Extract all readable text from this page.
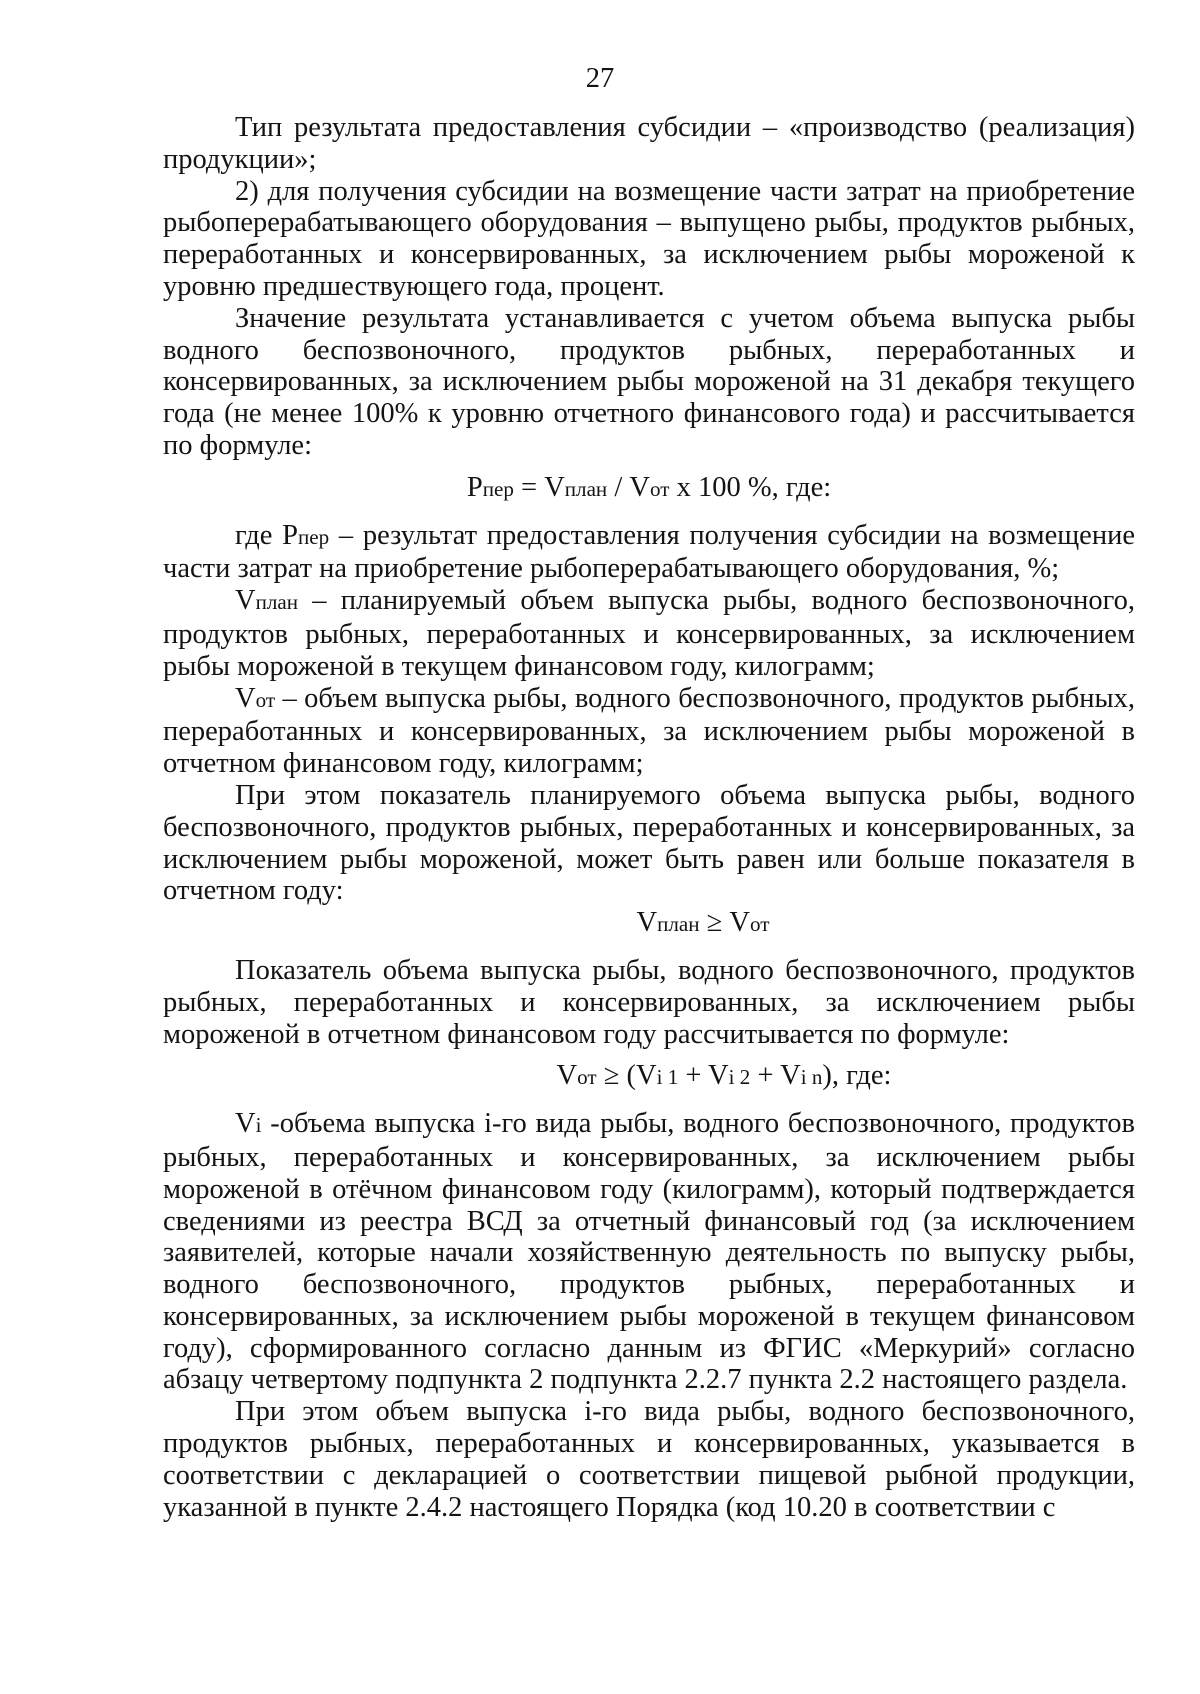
27

Тип результата предоставления субсидии – «производство (реализация) продукции»;

2) для получения субсидии на возмещение части затрат на приобретение рыбоперерабатывающего оборудования – выпущено рыбы, продуктов рыбных, переработанных и консервированных, за исключением рыбы мороженой к уровню предшествующего года, процент.

Значение результата устанавливается с учетом объема выпуска рыбы водного беспозвоночного, продуктов рыбных, переработанных и консервированных, за исключением рыбы мороженой на 31 декабря текущего года (не менее 100% к уровню отчетного финансового года) и рассчитывается по формуле:

Pпер = Vплан / Vот x 100 %, где:

где Pпер – результат предоставления получения субсидии на возмещение части затрат на приобретение рыбоперерабатывающего оборудования, %;

Vплан – планируемый объем выпуска рыбы, водного беспозвоночного, продуктов рыбных, переработанных и консервированных, за исключением рыбы мороженой в текущем финансовом году, килограмм;

Vот – объем выпуска рыбы, водного беспозвоночного, продуктов рыбных, переработанных и консервированных, за исключением рыбы мороженой в отчетном финансовом году, килограмм;

При этом показатель планируемого объема выпуска рыбы, водного беспозвоночного, продуктов рыбных, переработанных и консервированных, за исключением рыбы мороженой, может быть равен или больше показателя в отчетном году:

Vплан ≥ Vот

Показатель объема выпуска рыбы, водного беспозвоночного, продуктов рыбных, переработанных и консервированных, за исключением рыбы мороженой в отчетном финансовом году рассчитывается по формуле:

Vот ≥ (Vi 1 + Vi 2 + Vi n), где:

Vi -объема выпуска i-го вида рыбы, водного беспозвоночного, продуктов рыбных, переработанных и консервированных, за исключением рыбы мороженой в отёчном финансовом году (килограмм), который подтверждается сведениями из реестра ВСД за отчетный финансовый год (за исключением заявителей, которые начали хозяйственную деятельность по выпуску рыбы, водного беспозвоночного, продуктов рыбных, переработанных и консервированных, за исключением рыбы мороженой в текущем финансовом году), сформированного согласно данным из ФГИС «Меркурий» согласно абзацу четвертому подпункта 2 подпункта 2.2.7 пункта 2.2 настоящего раздела.

При этом объем выпуска i-го вида рыбы, водного беспозвоночного, продуктов рыбных, переработанных и консервированных, указывается в соответствии с декларацией о соответствии пищевой рыбной продукции, указанной в пункте 2.4.2 настоящего Порядка (код 10.20 в соответствии с
